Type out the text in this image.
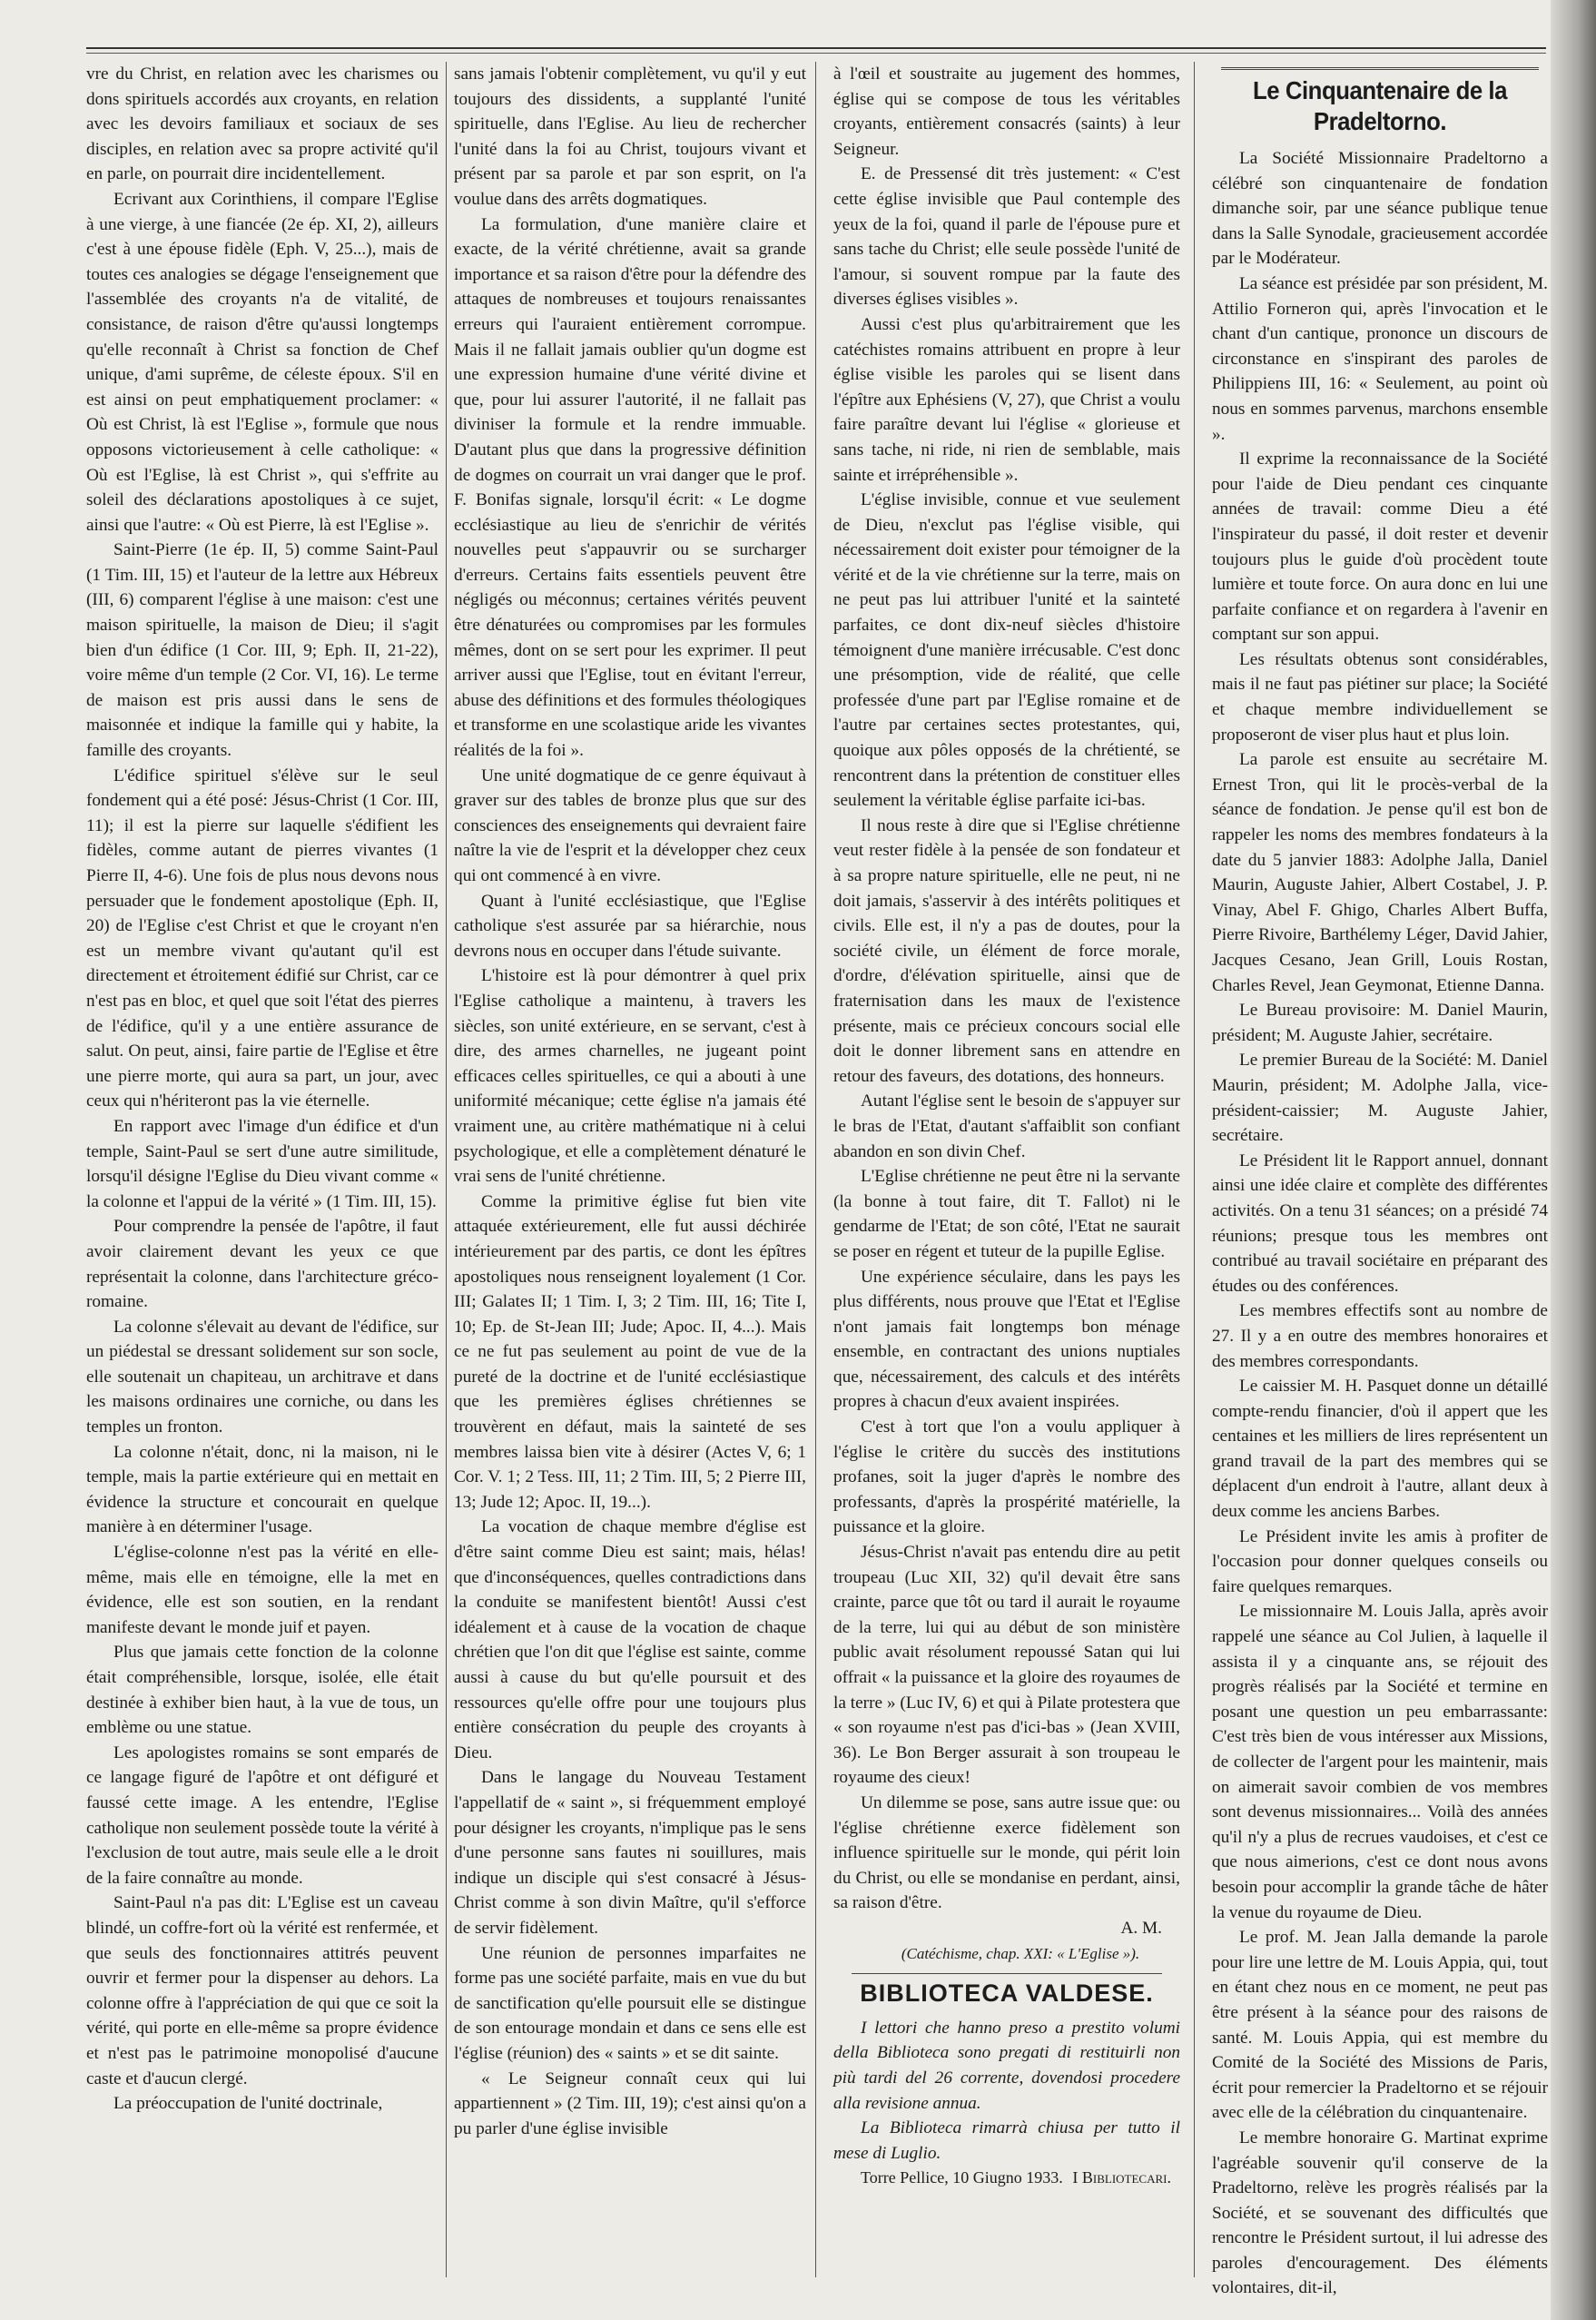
vre du Christ, en relation avec les charismes ou dons spirituels accordés aux croyants, en relation avec les devoirs familiaux et sociaux de ses disciples, en relation avec sa propre activité qu'il en parle, on pourrait dire incidentellement.

Ecrivant aux Corinthiens, il compare l'Eglise à une vierge, à une fiancée (2e ép. XI, 2), ailleurs c'est à une épouse fidèle (Eph. V, 25...), mais de toutes ces analogies se dégage l'enseignement que l'assemblée des croyants n'a de vitalité, de consistance, de raison d'être qu'aussi longtemps qu'elle reconnaît à Christ sa fonction de Chef unique, d'ami suprême, de céleste époux. S'il en est ainsi on peut emphatiquement proclamer: « Où est Christ, là est l'Eglise », formule que nous opposons victorieusement à celle catholique: « Où est l'Eglise, là est Christ », qui s'effrite au soleil des déclarations apostoliques à ce sujet, ainsi que l'autre: « Où est Pierre, là est l'Eglise ».

Saint-Pierre (1e ép. II, 5) comme Saint-Paul (1 Tim. III, 15) et l'auteur de la lettre aux Hébreux (III, 6) comparent l'église à une maison: c'est une maison spirituelle, la maison de Dieu; il s'agit bien d'un édifice (1 Cor. III, 9; Eph. II, 21-22), voire même d'un temple (2 Cor. VI, 16). Le terme de maison est pris aussi dans le sens de maisonnée et indique la famille qui y habite, la famille des croyants.

L'édifice spirituel s'élève sur le seul fondement qui a été posé: Jésus-Christ (1 Cor. III, 11); il est la pierre sur laquelle s'édifient les fidèles, comme autant de pierres vivantes (1 Pierre II, 4-6). Une fois de plus nous devons nous persuader que le fondement apostolique (Eph. II, 20) de l'Eglise c'est Christ et que le croyant n'en est un membre vivant qu'autant qu'il est directement et étroitement édifié sur Christ, car ce n'est pas en bloc, et quel que soit l'état des pierres de l'édifice, qu'il y a une entière assurance de salut. On peut, ainsi, faire partie de l'Eglise et être une pierre morte, qui aura sa part, un jour, avec ceux qui n'hériteront pas la vie éternelle.

En rapport avec l'image d'un édifice et d'un temple, Saint-Paul se sert d'une autre similitude, lorsqu'il désigne l'Eglise du Dieu vivant comme « la colonne et l'appui de la vérité » (1 Tim. III, 15).

Pour comprendre la pensée de l'apôtre, il faut avoir clairement devant les yeux ce que représentait la colonne, dans l'architecture gréco-romaine.

La colonne s'élevait au devant de l'édifice, sur un piédestal se dressant solidement sur son socle, elle soutenait un chapiteau, un architrave et dans les maisons ordinaires une corniche, ou dans les temples un fronton.

La colonne n'était, donc, ni la maison, ni le temple, mais la partie extérieure qui en mettait en évidence la structure et concourait en quelque manière à en déterminer l'usage.

L'église-colonne n'est pas la vérité en elle-même, mais elle en témoigne, elle la met en évidence, elle est son soutien, en la rendant manifeste devant le monde juif et payen.

Plus que jamais cette fonction de la colonne était compréhensible, lorsque, isolée, elle était destinée à exhiber bien haut, à la vue de tous, un emblème ou une statue.

Les apologistes romains se sont emparés de ce langage figuré de l'apôtre et ont défiguré et faussé cette image. A les entendre, l'Eglise catholique non seulement possède toute la vérité à l'exclusion de tout autre, mais seule elle a le droit de la faire connaître au monde.

Saint-Paul n'a pas dit: L'Eglise est un caveau blindé, un coffre-fort où la vérité est renfermée, et que seuls des fonctionnaires attitrés peuvent ouvrir et fermer pour la dispenser au dehors. La colonne offre à l'appréciation de qui que ce soit la vérité, qui porte en elle-même sa propre évidence et n'est pas le patrimoine monopolisé d'aucune caste et d'aucun clergé.

La préoccupation de l'unité doctrinale,

sans jamais l'obtenir complètement, vu qu'il y eut toujours des dissidents, a supplanté l'unité spirituelle, dans l'Eglise. Au lieu de rechercher l'unité dans la foi au Christ, toujours vivant et présent par sa parole et par son esprit, on l'a voulue dans des arrêts dogmatiques.

La formulation, d'une manière claire et exacte, de la vérité chrétienne, avait sa grande importance et sa raison d'être pour la défendre des attaques de nombreuses et toujours renaissantes erreurs qui l'auraient entièrement corrompue. Mais il ne fallait jamais oublier qu'un dogme est une expression humaine d'une vérité divine et que, pour lui assurer l'autorité, il ne fallait pas diviniser la formule et la rendre immuable. D'autant plus que dans la progressive définition de dogmes on courrait un vrai danger que le prof. F. Bonifas signale, lorsqu'il écrit: « Le dogme ecclésiastique au lieu de s'enrichir de vérités nouvelles peut s'appauvrir ou se surcharger d'erreurs. Certains faits essentiels peuvent être négligés ou méconnus; certaines vérités peuvent être dénaturées ou compromises par les formules mêmes, dont on se sert pour les exprimer. Il peut arriver aussi que l'Eglise, tout en évitant l'erreur, abuse des définitions et des formules théologiques et transforme en une scolastique aride les vivantes réalités de la foi ».

Une unité dogmatique de ce genre équivaut à graver sur des tables de bronze plus que sur des consciences des enseignements qui devraient faire naître la vie de l'esprit et la développer chez ceux qui ont commencé à en vivre.

Quant à l'unité ecclésiastique, que l'Eglise catholique s'est assurée par sa hiérarchie, nous devrons nous en occuper dans l'étude suivante.

L'histoire est là pour démontrer à quel prix l'Eglise catholique a maintenu, à travers les siècles, son unité extérieure, en se servant, c'est à dire, des armes charnelles, ne jugeant point efficaces celles spirituelles, ce qui a abouti à une uniformité mécanique; cette église n'a jamais été vraiment une, au critère mathématique ni à celui psychologique, et elle a complètement dénaturé le vrai sens de l'unité chrétienne.

Comme la primitive église fut bien vite attaquée extérieurement, elle fut aussi déchirée intérieurement par des partis, ce dont les épîtres apostoliques nous renseignent loyalement (1 Cor. III; Galates II; 1 Tim. I, 3; 2 Tim. III, 16; Tite I, 10; Ep. de St-Jean III; Jude; Apoc. II, 4...). Mais ce ne fut pas seulement au point de vue de la pureté de la doctrine et de l'unité ecclésiastique que les premières églises chrétiennes se trouvèrent en défaut, mais la sainteté de ses membres laissa bien vite à désirer (Actes V, 6; 1 Cor. V. 1; 2 Tess. III, 11; 2 Tim. III, 5; 2 Pierre III, 13; Jude 12; Apoc. II, 19...).

La vocation de chaque membre d'église est d'être saint comme Dieu est saint; mais, hélas! que d'inconséquences, quelles contradictions dans la conduite se manifestent bientôt! Aussi c'est idéalement et à cause de la vocation de chaque chrétien que l'on dit que l'église est sainte, comme aussi à cause du but qu'elle poursuit et des ressources qu'elle offre pour une toujours plus entière consécration du peuple des croyants à Dieu.

Dans le langage du Nouveau Testament l'appellatif de « saint », si fréquemment employé pour désigner les croyants, n'implique pas le sens d'une personne sans fautes ni souillures, mais indique un disciple qui s'est consacré à Jésus-Christ comme à son divin Maître, qu'il s'efforce de servir fidèlement.

Une réunion de personnes imparfaites ne forme pas une société parfaite, mais en vue du but de sanctification qu'elle poursuit elle se distingue de son entourage mondain et dans ce sens elle est l'église (réunion) des « saints » et se dit sainte.

« Le Seigneur connaît ceux qui lui appartiennent » (2 Tim. III, 19); c'est ainsi qu'on a pu parler d'une église invisible

à l'œil et soustraite au jugement des hommes, église qui se compose de tous les véritables croyants, entièrement consacrés (saints) à leur Seigneur.

E. de Pressensé dit très justement: « C'est cette église invisible que Paul contemple des yeux de la foi, quand il parle de l'épouse pure et sans tache du Christ; elle seule possède l'unité de l'amour, si souvent rompue par la faute des diverses églises visibles ».

Aussi c'est plus qu'arbitrairement que les catéchistes romains attribuent en propre à leur église visible les paroles qui se lisent dans l'épître aux Ephésiens (V, 27), que Christ a voulu faire paraître devant lui l'église « glorieuse et sans tache, ni ride, ni rien de semblable, mais sainte et irrépréhensible ».

L'église invisible, connue et vue seulement de Dieu, n'exclut pas l'église visible, qui nécessairement doit exister pour témoigner de la vérité et de la vie chrétienne sur la terre, mais on ne peut pas lui attribuer l'unité et la sainteté parfaites, ce dont dix-neuf siècles d'histoire témoignent d'une manière irrécusable. C'est donc une présomption, vide de réalité, que celle professée d'une part par l'Eglise romaine et de l'autre par certaines sectes protestantes, qui, quoique aux pôles opposés de la chrétienté, se rencontrent dans la prétention de constituer elles seulement la véritable église parfaite ici-bas.

Il nous reste à dire que si l'Eglise chrétienne veut rester fidèle à la pensée de son fondateur et à sa propre nature spirituelle, elle ne peut, ni ne doit jamais, s'asservir à des intérêts politiques et civils. Elle est, il n'y a pas de doutes, pour la société civile, un élément de force morale, d'ordre, d'élévation spirituelle, ainsi que de fraternisation dans les maux de l'existence présente, mais ce précieux concours social elle doit le donner librement sans en attendre en retour des faveurs, des dotations, des honneurs.

Autant l'église sent le besoin de s'appuyer sur le bras de l'Etat, d'autant s'affaiblit son confiant abandon en son divin Chef.

L'Eglise chrétienne ne peut être ni la servante (la bonne à tout faire, dit T. Fallot) ni le gendarme de l'Etat; de son côté, l'Etat ne saurait se poser en régent et tuteur de la pupille Eglise.

Une expérience séculaire, dans les pays les plus différents, nous prouve que l'Etat et l'Eglise n'ont jamais fait longtemps bon ménage ensemble, en contractant des unions nuptiales que, nécessairement, des calculs et des intérêts propres à chacun d'eux avaient inspirées.

C'est à tort que l'on a voulu appliquer à l'église le critère du succès des institutions profanes, soit la juger d'après le nombre des professants, d'après la prospérité matérielle, la puissance et la gloire.

Jésus-Christ n'avait pas entendu dire au petit troupeau (Luc XII, 32) qu'il devait être sans crainte, parce que tôt ou tard il aurait le royaume de la terre, lui qui au début de son ministère public avait résolument repoussé Satan qui lui offrait « la puissance et la gloire des royaumes de la terre » (Luc IV, 6) et qui à Pilate protestera que « son royaume n'est pas d'ici-bas » (Jean XVIII, 36). Le Bon Berger assurait à son troupeau le royaume des cieux!

Un dilemme se pose, sans autre issue que: ou l'église chrétienne exerce fidèlement son influence spirituelle sur le monde, qui périt loin du Christ, ou elle se mondanise en perdant, ainsi, sa raison d'être.

A. M.

(Catéchisme, chap. XXI: « L'Eglise »).

BIBLIOTECA VALDESE.

I lettori che hanno preso a prestito volumi della Biblioteca sono pregati di restituirli non più tardi del 26 corrente, dovendosi procedere alla revisione annua.

La Biblioteca rimarrà chiusa per tutto il mese di Luglio.

Torre Pellice, 10 Giugno 1933. I Bibliotecari.
Le Cinquantenaire de la Pradeltorno.

La Société Missionnaire Pradeltorno a célébré son cinquantenaire de fondation dimanche soir, par une séance publique tenue dans la Salle Synodale, gracieusement accordée par le Modérateur.

La séance est présidée par son président, M. Attilio Forneron qui, après l'invocation et le chant d'un cantique, prononce un discours de circonstance en s'inspirant des paroles de Philippiens III, 16: « Seulement, au point où nous en sommes parvenus, marchons ensemble ».

Il exprime la reconnaissance de la Société pour l'aide de Dieu pendant ces cinquante années de travail: comme Dieu a été l'inspirateur du passé, il doit rester et devenir toujours plus le guide d'où procèdent toute lumière et toute force. On aura donc en lui une parfaite confiance et on regardera à l'avenir en comptant sur son appui.

Les résultats obtenus sont considérables, mais il ne faut pas piétiner sur place; la Société et chaque membre individuellement se proposeront de viser plus haut et plus loin.

La parole est ensuite au secrétaire M. Ernest Tron, qui lit le procès-verbal de la séance de fondation. Je pense qu'il est bon de rappeler les noms des membres fondateurs à la date du 5 janvier 1883: Adolphe Jalla, Daniel Maurin, Auguste Jahier, Albert Costabel, J. P. Vinay, Abel F. Ghigo, Charles Albert Buffa, Pierre Rivoire, Barthélemy Léger, David Jahier, Jacques Cesano, Jean Grill, Louis Rostan, Charles Revel, Jean Geymonat, Etienne Danna.

Le Bureau provisoire: M. Daniel Maurin, président; M. Auguste Jahier, secrétaire.

Le premier Bureau de la Société: M. Daniel Maurin, président; M. Adolphe Jalla, vice-président-caissier; M. Auguste Jahier, secrétaire.

Le Président lit le Rapport annuel, donnant ainsi une idée claire et complète des différentes activités. On a tenu 31 séances; on a présidé 74 réunions; presque tous les membres ont contribué au travail sociétaire en préparant des études ou des conférences.

Les membres effectifs sont au nombre de 27. Il y a en outre des membres honoraires et des membres correspondants.

Le caissier M. H. Pasquet donne un détaillé compte-rendu financier, d'où il appert que les centaines et les milliers de lires représentent un grand travail de la part des membres qui se déplacent d'un endroit à l'autre, allant deux à deux comme les anciens Barbes.

Le Président invite les amis à profiter de l'occasion pour donner quelques conseils ou faire quelques remarques.

Le missionnaire M. Louis Jalla, après avoir rappelé une séance au Col Julien, à laquelle il assista il y a cinquante ans, se réjouit des progrès réalisés par la Société et termine en posant une question un peu embarrassante: C'est très bien de vous intéresser aux Missions, de collecter de l'argent pour les maintenir, mais on aimerait savoir combien de vos membres sont devenus missionnaires... Voilà des années qu'il n'y a plus de recrues vaudoises, et c'est ce que nous aimerions, c'est ce dont nous avons besoin pour accomplir la grande tâche de hâter la venue du royaume de Dieu.

Le prof. M. Jean Jalla demande la parole pour lire une lettre de M. Louis Appia, qui, tout en étant chez nous en ce moment, ne peut pas être présent à la séance pour des raisons de santé. M. Louis Appia, qui est membre du Comité de la Société des Missions de Paris, écrit pour remercier la Pradeltorno et se réjouir avec elle de la célébration du cinquantenaire.

Le membre honoraire G. Martinat exprime l'agréable souvenir qu'il conserve de la Pradeltorno, relève les progrès réalisés par la Société, et se souvenant des difficultés que rencontre le Président surtout, il lui adresse des paroles d'encouragement. Des éléments volontaires, dit-il,
